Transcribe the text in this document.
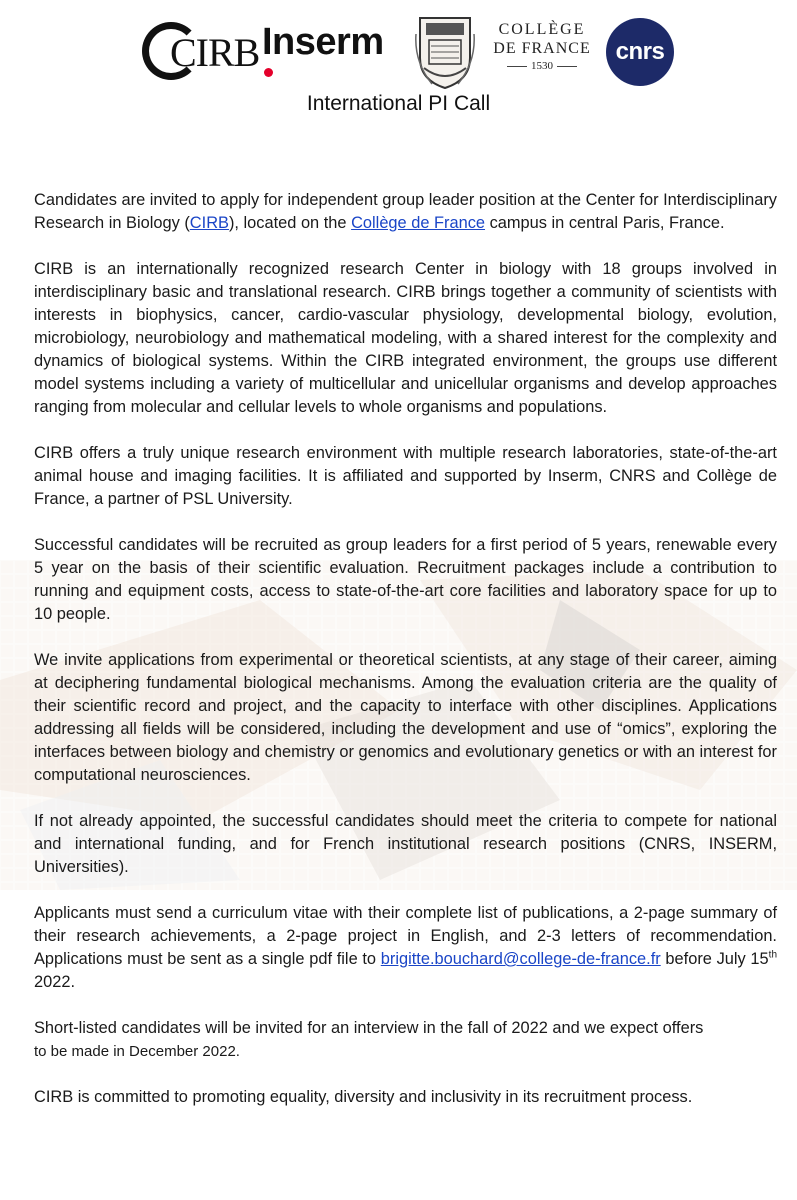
CIRB Inserm	COLLÈGE
DE FRANCE
1530
cnrs
International PI Call

Candidates are invited to apply for independent group leader position at the Center for Interdisciplinary Research in Biology (CIRB), located on the Collège de France campus in central Paris, France.

CIRB is an internationally recognized research Center in biology with 18 groups involved in interdisciplinary basic and translational research. CIRB brings together a community of scientists with interests in biophysics, cancer, cardio-vascular physiology, developmental biology, evolution, microbiology, neurobiology and mathematical modeling, with a shared interest for the complexity and dynamics of biological systems. Within the CIRB integrated environment, the groups use different model systems including a variety of multicellular and unicellular organisms and develop approaches ranging from molecular and cellular levels to whole organisms and populations.

CIRB offers a truly unique research environment with multiple research laboratories, state-of-the-art animal house and imaging facilities. It is affiliated and supported by Inserm, CNRS and Collège de France, a partner of PSL University.

Successful candidates will be recruited as group leaders for a first period of 5 years, renewable every 5 year on the basis of their scientific evaluation. Recruitment packages include a contribution to running and equipment costs, access to state-of-the-art core facilities and laboratory space for up to 10 people.

We invite applications from experimental or theoretical scientists, at any stage of their career, aiming at deciphering fundamental biological mechanisms. Among the evaluation criteria are the quality of their scientific record and project, and the capacity to interface with other disciplines. Applications addressing all fields will be considered, including the development and use of “omics”, exploring the interfaces between biology and chemistry or genomics and evolutionary genetics or with an interest for computational neurosciences.

If not already appointed, the successful candidates should meet the criteria to compete for national and international funding, and for French institutional research positions (CNRS, INSERM, Universities).

Applicants must send a curriculum vitae with their complete list of publications, a 2-page summary of their research achievements, a 2-page project in English, and 2-3 letters of recommendation. Applications must be sent as a single pdf file to brigitte.bouchard@college-de-france.fr before July 15th 2022.

Short-listed candidates will be invited for an interview in the fall of 2022 and we expect offers
to be made in December 2022.

CIRB is committed to promoting equality, diversity and inclusivity in its recruitment process.
